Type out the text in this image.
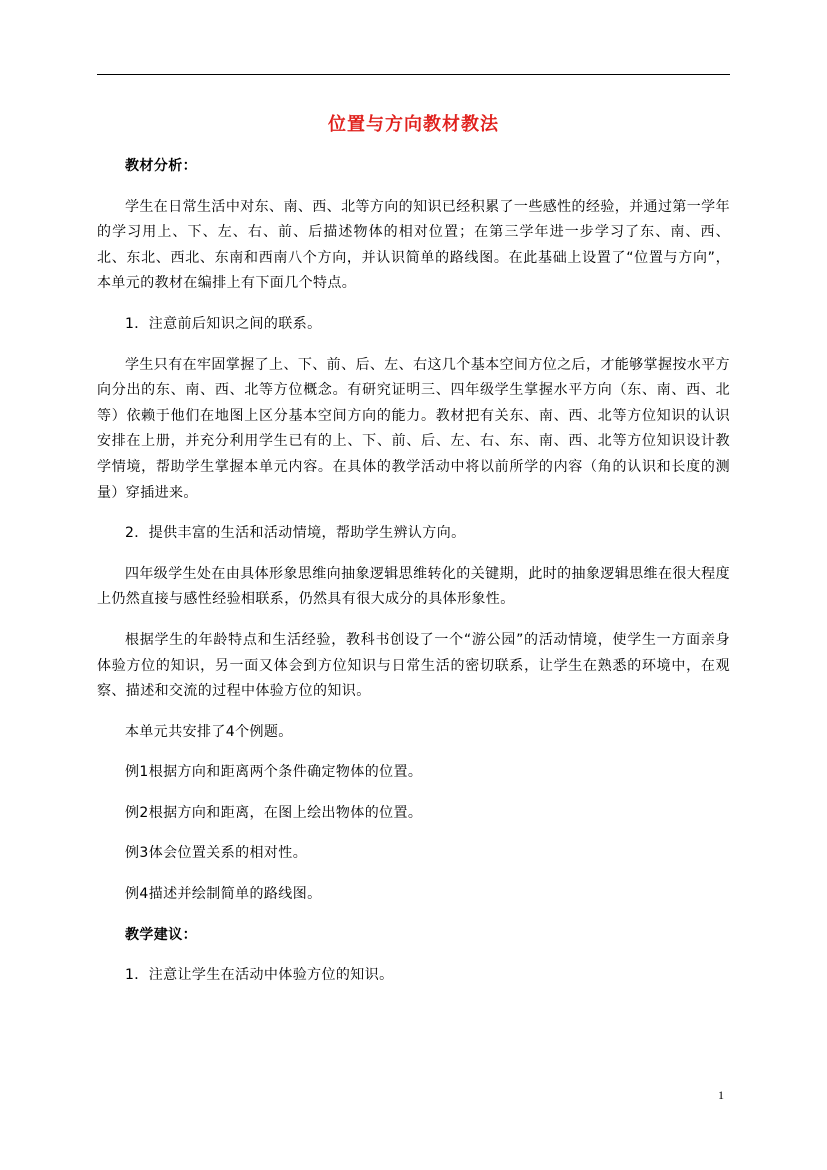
位置与方向教材教法

教材分析：

学生在日常生活中对东、南、西、北等方向的知识已经积累了一些感性的经验，并通过第一学年的学习用上、下、左、右、前、后描述物体的相对位置；在第三学年进一步学习了东、南、西、北、东北、西北、东南和西南八个方向，并认识简单的路线图。在此基础上设置了“位置与方向”，本单元的教材在编排上有下面几个特点。

1．注意前后知识之间的联系。

学生只有在牢固掌握了上、下、前、后、左、右这几个基本空间方位之后，才能够掌握按水平方向分出的东、南、西、北等方位概念。有研究证明三、四年级学生掌握水平方向（东、南、西、北等）依赖于他们在地图上区分基本空间方向的能力。教材把有关东、南、西、北等方位知识的认识安排在上册，并充分利用学生已有的上、下、前、后、左、右、东、南、西、北等方位知识设计教学情境，帮助学生掌握本单元内容。在具体的教学活动中将以前所学的内容（角的认识和长度的测量）穿插进来。

2．提供丰富的生活和活动情境，帮助学生辨认方向。

四年级学生处在由具体形象思维向抽象逻辑思维转化的关键期，此时的抽象逻辑思维在很大程度上仍然直接与感性经验相联系，仍然具有很大成分的具体形象性。

根据学生的年龄特点和生活经验，教科书创设了一个“游公园”的活动情境，使学生一方面亲身体验方位的知识，另一面又体会到方位知识与日常生活的密切联系，让学生在熟悉的环境中，在观察、描述和交流的过程中体验方位的知识。

本单元共安排了4个例题。

例1根据方向和距离两个条件确定物体的位置。

例2根据方向和距离，在图上绘出物体的位置。

例3体会位置关系的相对性。

例4描述并绘制简单的路线图。

教学建议：

1．注意让学生在活动中体验方位的知识。

1
